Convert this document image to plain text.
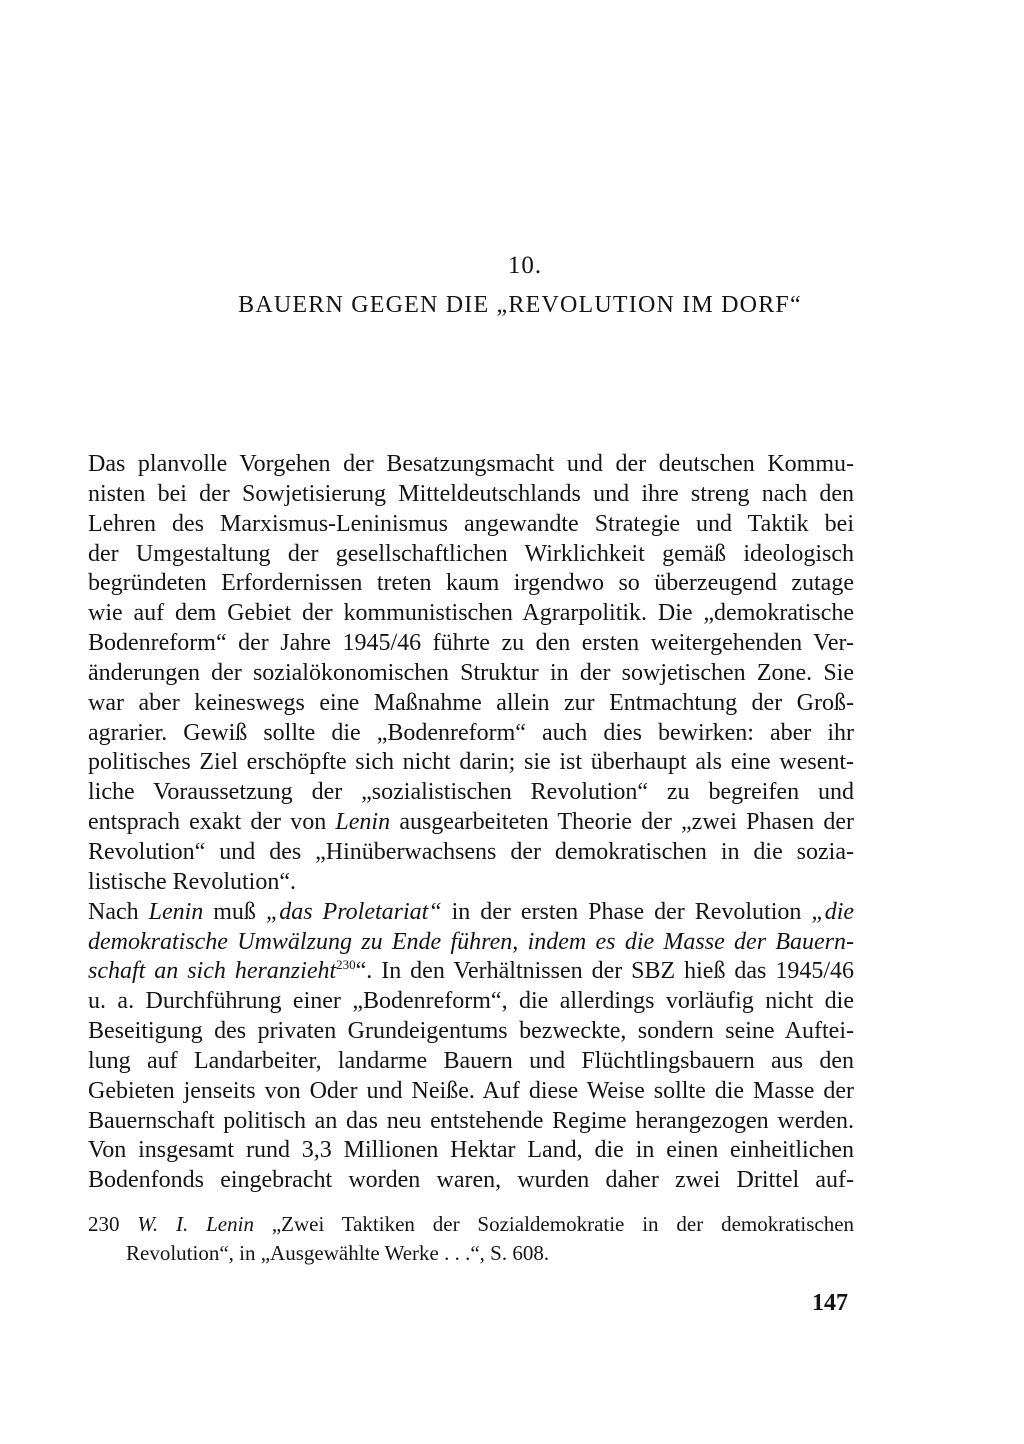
10.
BAUERN GEGEN DIE „REVOLUTION IM DORF“
Das planvolle Vorgehen der Besatzungsmacht und der deutschen Kommu-
nisten bei der Sowjetisierung Mitteldeutschlands und ihre streng nach den
Lehren des Marxismus-Leninismus angewandte Strategie und Taktik bei
der Umgestaltung der gesellschaftlichen Wirklichkeit gemäß ideologisch
begründeten Erfordernissen treten kaum irgendwo so überzeugend zutage
wie auf dem Gebiet der kommunistischen Agrarpolitik. Die „demokratische
Bodenreform“ der Jahre 1945/46 führte zu den ersten weitergehenden Ver-
änderungen der sozialökonomischen Struktur in der sowjetischen Zone. Sie
war aber keineswegs eine Maßnahme allein zur Entmachtung der Groß-
agrarier. Gewiß sollte die „Bodenreform“ auch dies bewirken: aber ihr
politisches Ziel erschöpfte sich nicht darin; sie ist überhaupt als eine wesent-
liche Voraussetzung der „sozialistischen Revolution“ zu begreifen und
entsprach exakt der von Lenin ausgearbeiteten Theorie der „zwei Phasen der
Revolution“ und des „Hinüberwachsens der demokratischen in die sozia-
listische Revolution“.
Nach Lenin muß „das Proletariat“ in der ersten Phase der Revolution „die
demokratische Umwälzung zu Ende führen, indem es die Masse der Bauern-
schaft an sich heranzieht$^{230}$“. In den Verhältnissen der SBZ hieß das 1945/46
u. a. Durchführung einer „Bodenreform“, die allerdings vorläufig nicht die
Beseitigung des privaten Grundeigentums bezweckte, sondern seine Auftei-
lung auf Landarbeiter, landarme Bauern und Flüchtlingsbauern aus den
Gebieten jenseits von Oder und Neiße. Auf diese Weise sollte die Masse der
Bauernschaft politisch an das neu entstehende Regime herangezogen werden.
Von insgesamt rund 3,3 Millionen Hektar Land, die in einen einheitlichen
Bodenfonds eingebracht worden waren, wurden daher zwei Drittel auf-
230 W. I. Lenin „Zwei Taktiken der Sozialdemokratie in der demokratischen
Revolution“, in „Ausgewählte Werke . . .“, S. 608.
147
